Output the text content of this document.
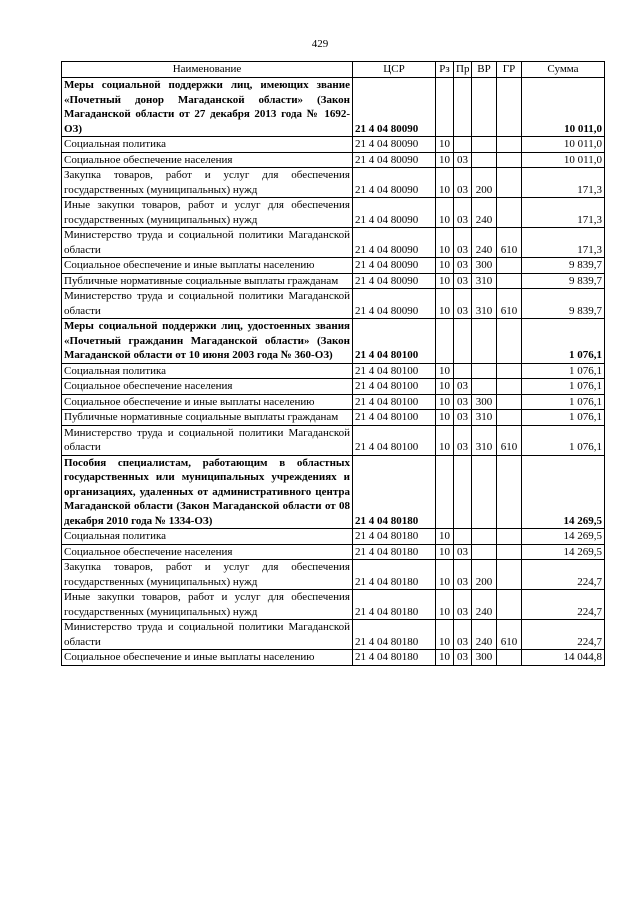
429
Наименование	ЦСР	Рз	Пр	ВР	ГР	Сумма
Меры социальной поддержки лиц, имеющих звание «Почетный донор Магаданской области» (Закон Магаданской области от 27 декабря 2013 года № 1692-ОЗ)	21 4 04 80090					10 011,0
Социальная политика	21 4 04 80090	10				10 011,0
Социальное обеспечение населения	21 4 04 80090	10	03			10 011,0
Закупка товаров, работ и услуг для обеспечения государственных (муниципальных) нужд	21 4 04 80090	10	03	200		171,3
Иные закупки товаров, работ и услуг для обеспечения государственных (муниципальных) нужд	21 4 04 80090	10	03	240		171,3
Министерство труда и социальной политики Магаданской области	21 4 04 80090	10	03	240	610	171,3
Социальное обеспечение и иные выплаты населению	21 4 04 80090	10	03	300		9 839,7
Публичные нормативные социальные выплаты гражданам	21 4 04 80090	10	03	310		9 839,7
Министерство труда и социальной политики Магаданской области	21 4 04 80090	10	03	310	610	9 839,7
Меры социальной поддержки лиц, удостоенных звания «Почетный гражданин Магаданской области» (Закон Магаданской области от 10 июня 2003 года № 360-ОЗ)	21 4 04 80100					1 076,1
Социальная политика	21 4 04 80100	10				1 076,1
Социальное обеспечение населения	21 4 04 80100	10	03			1 076,1
Социальное обеспечение и иные выплаты населению	21 4 04 80100	10	03	300		1 076,1
Публичные нормативные социальные выплаты гражданам	21 4 04 80100	10	03	310		1 076,1
Министерство труда и социальной политики Магаданской области	21 4 04 80100	10	03	310	610	1 076,1
Пособия специалистам, работающим в областных государственных или муниципальных учреждениях и организациях, удаленных от административного центра Магаданской области (Закон Магаданской области от 08 декабря 2010 года № 1334-ОЗ)	21 4 04 80180					14 269,5
Социальная политика	21 4 04 80180	10				14 269,5
Социальное обеспечение населения	21 4 04 80180	10	03			14 269,5
Закупка товаров, работ и услуг для обеспечения государственных (муниципальных) нужд	21 4 04 80180	10	03	200		224,7
Иные закупки товаров, работ и услуг для обеспечения государственных (муниципальных) нужд	21 4 04 80180	10	03	240		224,7
Министерство труда и социальной политики Магаданской области	21 4 04 80180	10	03	240	610	224,7
Социальное обеспечение и иные выплаты населению	21 4 04 80180	10	03	300		14 044,8
